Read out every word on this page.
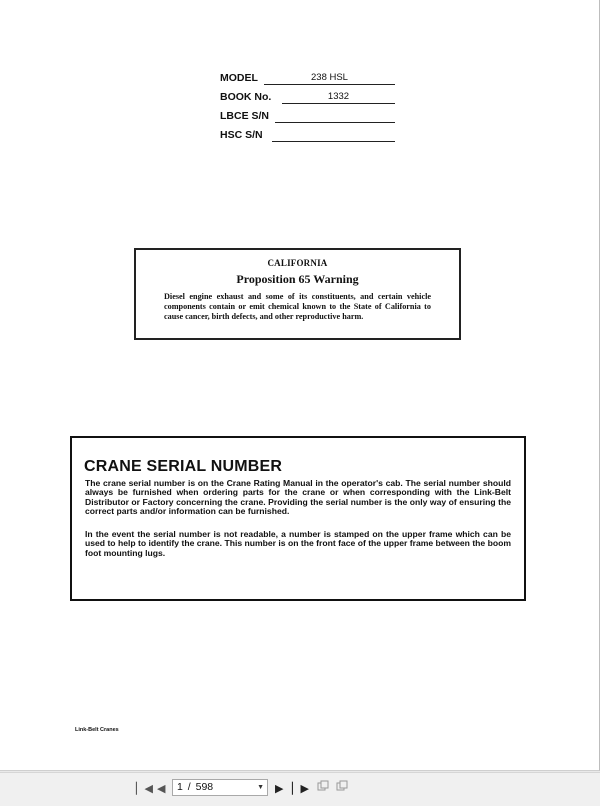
MODEL	238 HSL
BOOK No.	1332
LBCE S/N
HSC S/N
CALIFORNIA
Proposition 65 Warning
Diesel engine exhaust and some of its constituents, and certain vehicle components contain or emit chemical known to the State of California to cause cancer, birth defects, and other reproductive harm.
CRANE SERIAL NUMBER
The crane serial number is on the Crane Rating Manual in the operator's cab. The serial number should always be furnished when ordering parts for the crane or when corresponding with the Link-Belt Distributor or Factory concerning the crane. Providing the serial number is the only way of ensuring the correct parts and/or information can be furnished.
In the event the serial number is not readable, a number is stamped on the upper frame which can be used to help to identify the crane. This number is on the front face of the upper frame between the boom foot mounting lugs.
Link-Belt Cranes
▏◀ ◀	1 / 598	▼ ▶ ▏▶
